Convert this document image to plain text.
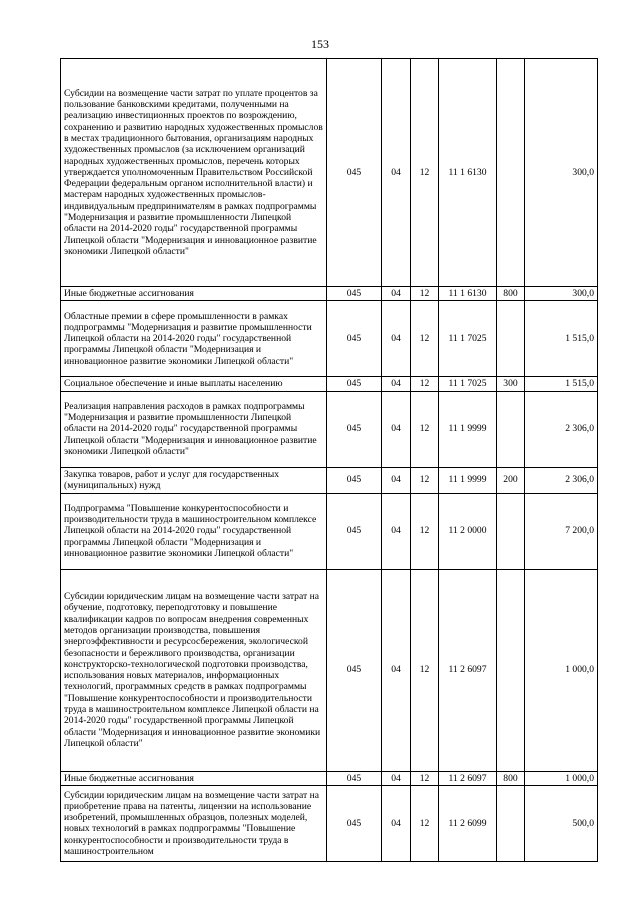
153
Субсидии на возмещение части затрат по уплате процентов за пользование банковскими кредитами, полученными на реализацию инвестиционных проектов по возрождению, сохранению и развитию народных художественных промыслов в местах традиционного бытования, организациям народных художественных промыслов (за исключением организаций народных художественных промыслов, перечень которых утверждается уполномоченным Правительством Российской Федерации федеральным органом исполнительной власти) и мастерам народных художественных промыслов- индивидуальным предпринимателям в рамках подпрограммы "Модернизация и развитие промышленности Липецкой области на 2014-2020 годы" государственной программы Липецкой области "Модернизация и инновационное развитие экономики Липецкой области"	045	04	12	11 1 6130		300,0
Иные бюджетные ассигнования	045	04	12	11 1 6130	800	300,0
Областные премии в сфере промышленности в рамках подпрограммы "Модернизация и развитие промышленности Липецкой области на 2014-2020 годы" государственной программы Липецкой области "Модернизация и инновационное развитие экономики Липецкой области"	045	04	12	11 1 7025		1 515,0
Социальное обеспечение и иные выплаты населению	045	04	12	11 1 7025	300	1 515,0
Реализация направления расходов в рамках подпрограммы "Модернизация и развитие промышленности Липецкой области на 2014-2020 годы" государственной программы Липецкой области "Модернизация и инновационное развитие экономики Липецкой области"	045	04	12	11 1 9999		2 306,0
Закупка товаров, работ и услуг для государственных (муниципальных) нужд	045	04	12	11 1 9999	200	2 306,0
Подпрограмма "Повышение конкурентоспособности и производительности труда в машиностроительном комплексе Липецкой области на 2014-2020 годы" государственной программы Липецкой области "Модернизация и инновационное развитие экономики Липецкой области"	045	04	12	11 2 0000		7 200,0
Субсидии юридическим лицам на возмещение части затрат на обучение, подготовку, переподготовку и повышение квалификации кадров по вопросам внедрения современных методов организации производства, повышения энергоэффективности и ресурсосбережения, экологической безопасности и бережливого производства, организации конструкторско-технологической подготовки производства, использования новых материалов, информационных технологий, программных средств в рамках подпрограммы "Повышение конкурентоспособности и производительности труда в машиностроительном комплексе Липецкой области на 2014-2020 годы" государственной программы Липецкой области "Модернизация и инновационное развитие экономики Липецкой области"	045	04	12	11 2 6097		1 000,0
Иные бюджетные ассигнования	045	04	12	11 2 6097	800	1 000,0
Субсидии юридическим лицам на возмещение части затрат на приобретение права на патенты, лицензии на использование изобретений, промышленных образцов, полезных моделей, новых технологий в рамках подпрограммы "Повышение конкурентоспособности и производительности труда в машиностроительном	045	04	12	11 2 6099		500,0
